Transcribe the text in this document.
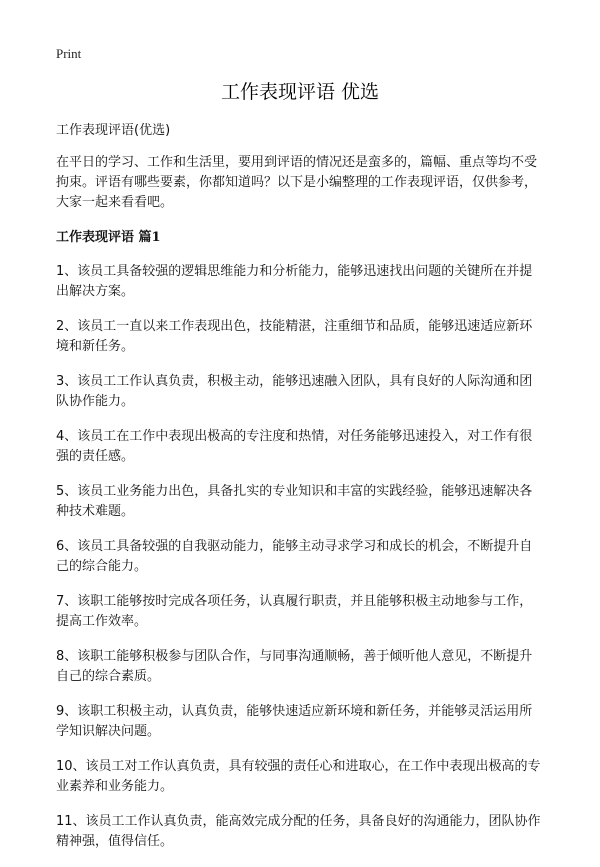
Print
工作表现评语 优选

工作表现评语(优选)

在平日的学习、工作和生活里，要用到评语的情况还是蛮多的，篇幅、重点等均不受拘束。评语有哪些要素，你都知道吗？以下是小编整理的工作表现评语，仅供参考，大家一起来看看吧。

工作表现评语 篇1

1、该员工具备较强的逻辑思维能力和分析能力，能够迅速找出问题的关键所在并提出解决方案。

2、该员工一直以来工作表现出色，技能精湛，注重细节和品质，能够迅速适应新环境和新任务。

3、该员工工作认真负责，积极主动，能够迅速融入团队，具有良好的人际沟通和团队协作能力。

4、该员工在工作中表现出极高的专注度和热情，对任务能够迅速投入，对工作有很强的责任感。

5、该员工业务能力出色，具备扎实的专业知识和丰富的实践经验，能够迅速解决各种技术难题。

6、该员工具备较强的自我驱动能力，能够主动寻求学习和成长的机会，不断提升自己的综合能力。

7、该职工能够按时完成各项任务，认真履行职责，并且能够积极主动地参与工作，提高工作效率。

8、该职工能够积极参与团队合作，与同事沟通顺畅，善于倾听他人意见，不断提升自己的综合素质。

9、该职工积极主动，认真负责，能够快速适应新环境和新任务，并能够灵活运用所学知识解决问题。

10、该员工对工作认真负责，具有较强的责任心和进取心，在工作中表现出极高的专业素养和业务能力。

11、该员工工作认真负责，能高效完成分配的任务，具备良好的沟通能力，团队协作精神强，值得信任。
